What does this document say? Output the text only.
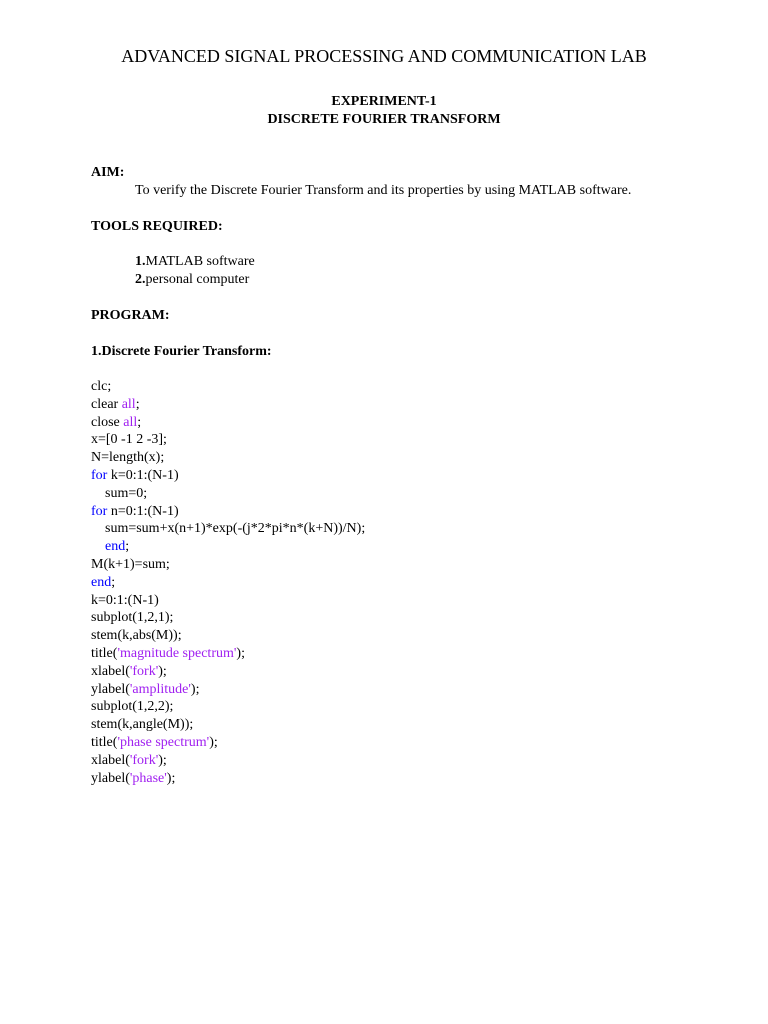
ADVANCED SIGNAL PROCESSING AND COMMUNICATION LAB
EXPERIMENT-1
DISCRETE FOURIER TRANSFORM
AIM:
To verify the Discrete Fourier Transform and its properties by using MATLAB software.
TOOLS REQUIRED:
1.MATLAB software
2.personal computer
PROGRAM:
1.Discrete Fourier Transform:
clc;
clear all;
close all;
x=[0 -1 2 -3];
N=length(x);
for k=0:1:(N-1)
sum=0;
for n=0:1:(N-1)
sum=sum+x(n+1)*exp(-(j*2*pi*n*(k+N))/N);
end;
M(k+1)=sum;
end;
k=0:1:(N-1)
subplot(1,2,1);
stem(k,abs(M));
title('magnitude spectrum');
xlabel('fork');
ylabel('amplitude');
subplot(1,2,2);
stem(k,angle(M));
title('phase spectrum');
xlabel('fork');
ylabel('phase');
